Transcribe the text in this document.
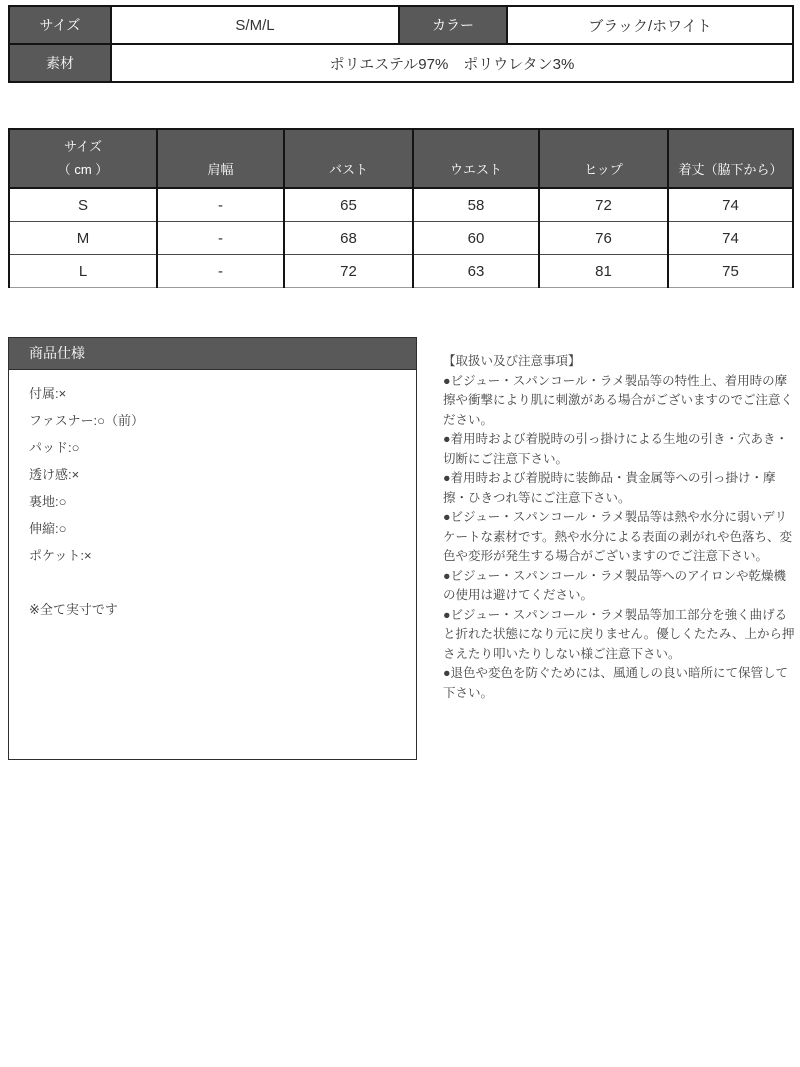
サイズ	S/M/L	カラー	ブラック/ホワイト
素材	ポリエステル97%　ポリウレタン3%		
サイズ
（ cm ）	肩幅	バスト	ウエスト	ヒップ	着丈（脇下から）
S	-	65	58	72	74
M	-	68	60	76	74
L	-	72	63	81	75
商品仕様
付属:×
ファスナー:○（前）
パッド:○
透け感:×
裏地:○
伸縮:○
ポケット:×
※全て実寸です

【取扱い及び注意事項】

●ビジュー・スパンコール・ラメ製品等の特性上、着用時の摩擦や衝撃により肌に刺激がある場合がございますのでご注意ください。

●着用時および着脱時の引っ掛けによる生地の引き・穴あき・切断にご注意下さい。

●着用時および着脱時に装飾品・貴金属等への引っ掛け・摩擦・ひきつれ等にご注意下さい。

●ビジュー・スパンコール・ラメ製品等は熱や水分に弱いデリケートな素材です。熱や水分による表面の剥がれや色落ち、変色や変形が発生する場合がございますのでご注意下さい。

●ビジュー・スパンコール・ラメ製品等へのアイロンや乾燥機の使用は避けてください。

●ビジュー・スパンコール・ラメ製品等加工部分を強く曲げると折れた状態になり元に戻りません。優しくたたみ、上から押さえたり叩いたりしない様ご注意下さい。

●退色や変色を防ぐためには、風通しの良い暗所にて保管して下さい。
